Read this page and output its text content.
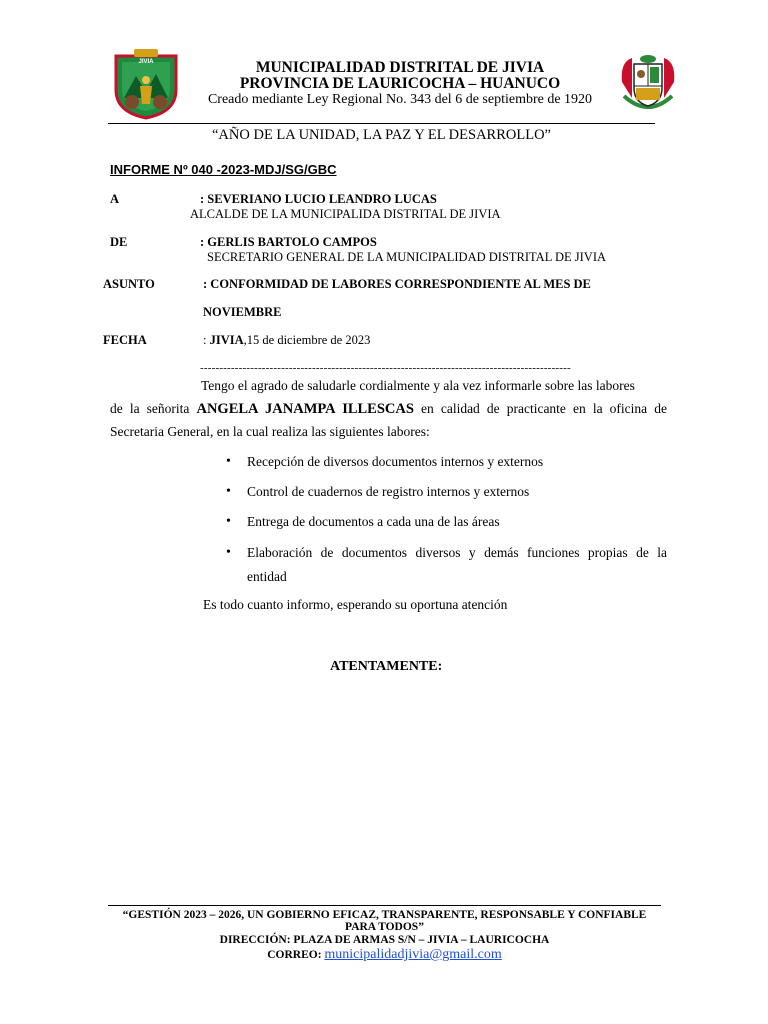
JIVIA	MUNICIPALIDAD DISTRITAL DE JIVIA
PROVINCIA DE LAURICOCHA – HUANUCO
Creado mediante Ley Regional No. 343 del 6 de septiembre de 1920
“AÑO DE LA UNIDAD, LA PAZ Y EL DESARROLLO”
INFORME Nº 040 -2023-MDJ/SG/GBC
A	: SEVERIANO LUCIO LEANDRO LUCAS
ALCALDE DE LA MUNICIPALIDA DISTRITAL DE JIVIA
DE	: GERLIS BARTOLO CAMPOS
SECRETARIO GENERAL DE LA MUNICIPALIDAD DISTRITAL DE JIVIA
ASUNTO	: CONFORMIDAD DE LABORES CORRESPONDIENTE AL MES DE
NOVIEMBRE
FECHA	: JIVIA,15 de diciembre de 2023
------------------------------------------------------------------------------------------------
Tengo el agrado de saludarle cordialmente y ala vez informarle sobre las labores
de la señorita ANGELA JANAMPA ILLESCAS en calidad de practicante en la oficina de
Secretaria General, en la cual realiza las siguientes labores:
• Recepción de diversos documentos internos y externos
• Control de cuadernos de registro internos y externos
• Entrega de documentos a cada una de las áreas
• Elaboración de documentos diversos y demás funciones propias de la
entidad
Es todo cuanto informo, esperando su oportuna atención
ATENTAMENTE:
“GESTIÓN 2023 – 2026, UN GOBIERNO EFICAZ, TRANSPARENTE, RESPONSABLE Y CONFIABLE
PARA TODOS”
DIRECCIÓN: PLAZA DE ARMAS S/N – JIVIA – LAURICOCHA
CORREO: municipalidadjivia@gmail.com
